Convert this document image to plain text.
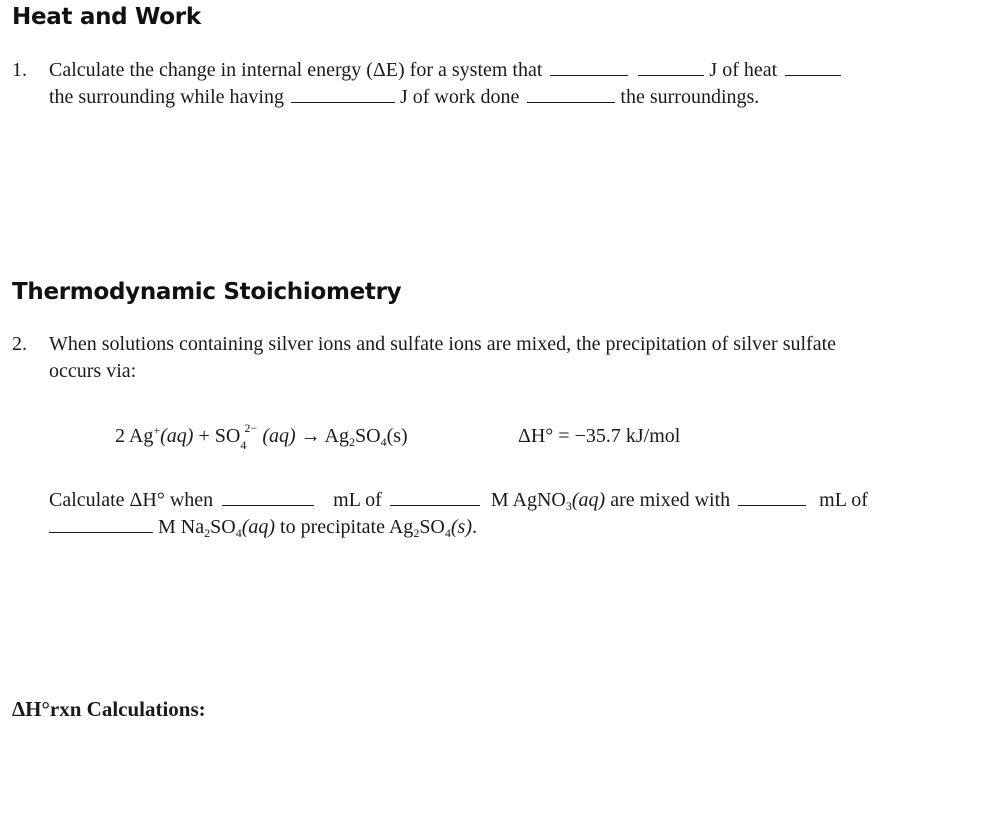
Heat and Work
1. Calculate the change in internal energy (ΔE) for a system that	J of heat
the surrounding while having	J of work done	the surroundings.
Thermodynamic Stoichiometry
2. When solutions containing silver ions and sulfate ions are mixed, the precipitation of silver sulfate
occurs via:
2 Ag+(aq) + SO 4
$2- (aq) \to Ag_2SO_4(s)$	ΔH° = −35.7 kJ/mol
Calculate ΔH° when	mL of	M AgNO$_3$(aq) are mixed with	mL of
M $Na_2SO_4(aq)$ to precipitate $Ag_2SO_4(s)$.
ΔH°rxn Calculations:
